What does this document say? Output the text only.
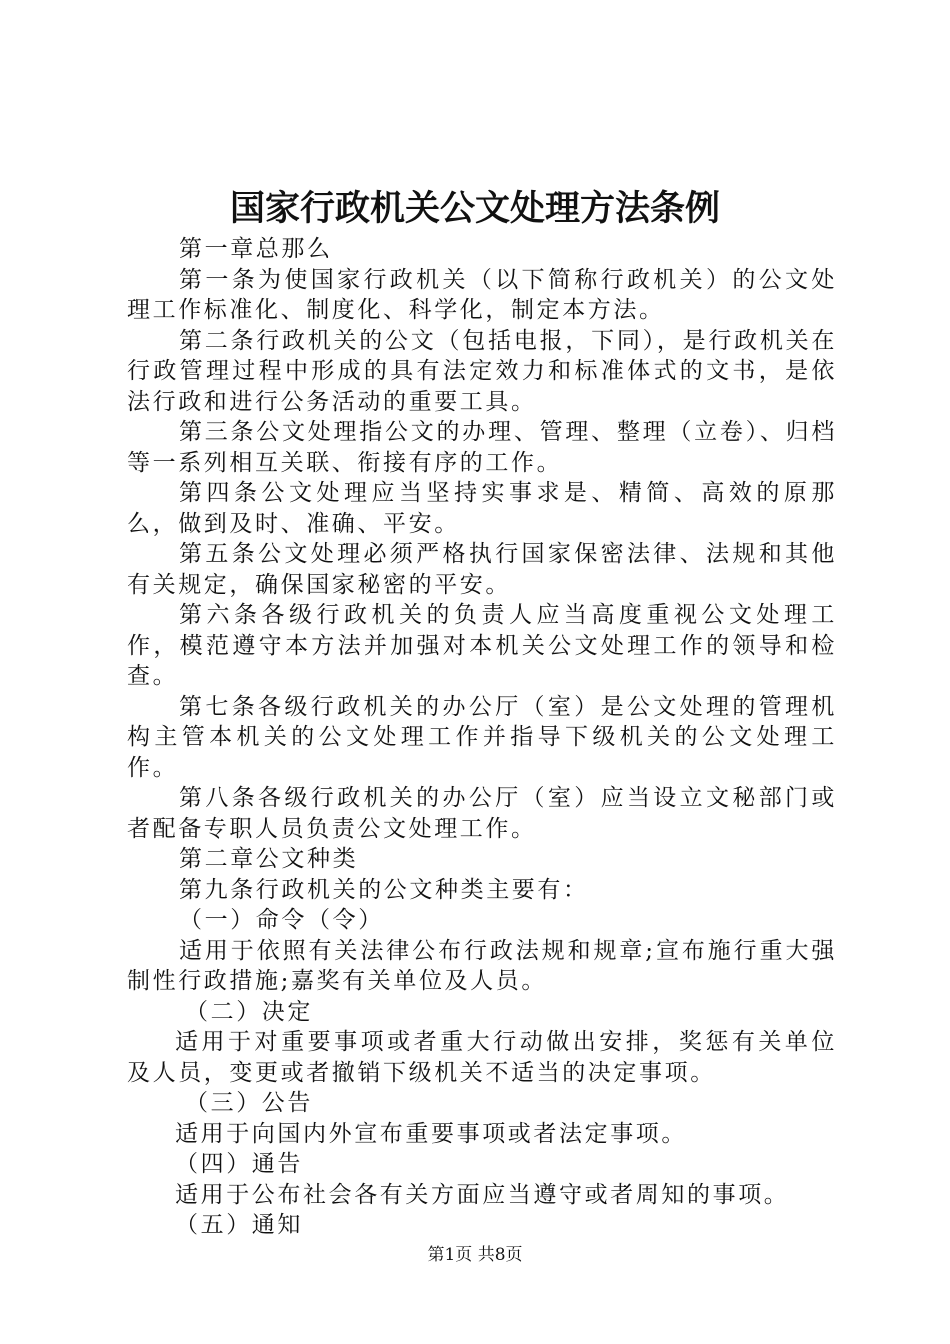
国家行政机关公文处理方法条例

第一章总那么

第一条为使国家行政机关（以下简称行政机关）的公文处理工作标准化、制度化、科学化，制定本方法。

第二条行政机关的公文（包括电报，下同），是行政机关在行政管理过程中形成的具有法定效力和标准体式的文书，是依法行政和进行公务活动的重要工具。

第三条公文处理指公文的办理、管理、整理（立卷）、归档等一系列相互关联、衔接有序的工作。

第四条公文处理应当坚持实事求是、精简、高效的原那么，做到及时、准确、平安。

第五条公文处理必须严格执行国家保密法律、法规和其他有关规定，确保国家秘密的平安。

第六条各级行政机关的负责人应当高度重视公文处理工作，模范遵守本方法并加强对本机关公文处理工作的领导和检查。

第七条各级行政机关的办公厅（室）是公文处理的管理机构主管本机关的公文处理工作并指导下级机关的公文处理工作。

第八条各级行政机关的办公厅（室）应当设立文秘部门或者配备专职人员负责公文处理工作。

第二章公文种类

第九条行政机关的公文种类主要有：

（一）命令（令）

适用于依照有关法律公布行政法规和规章;宣布施行重大强制性行政措施;嘉奖有关单位及人员。

（二）决定

适用于对重要事项或者重大行动做出安排，奖惩有关单位及人员，变更或者撤销下级机关不适当的决定事项。

（三）公告

适用于向国内外宣布重要事项或者法定事项。

（四）通告

适用于公布社会各有关方面应当遵守或者周知的事项。

（五）通知

第1页 共8页
